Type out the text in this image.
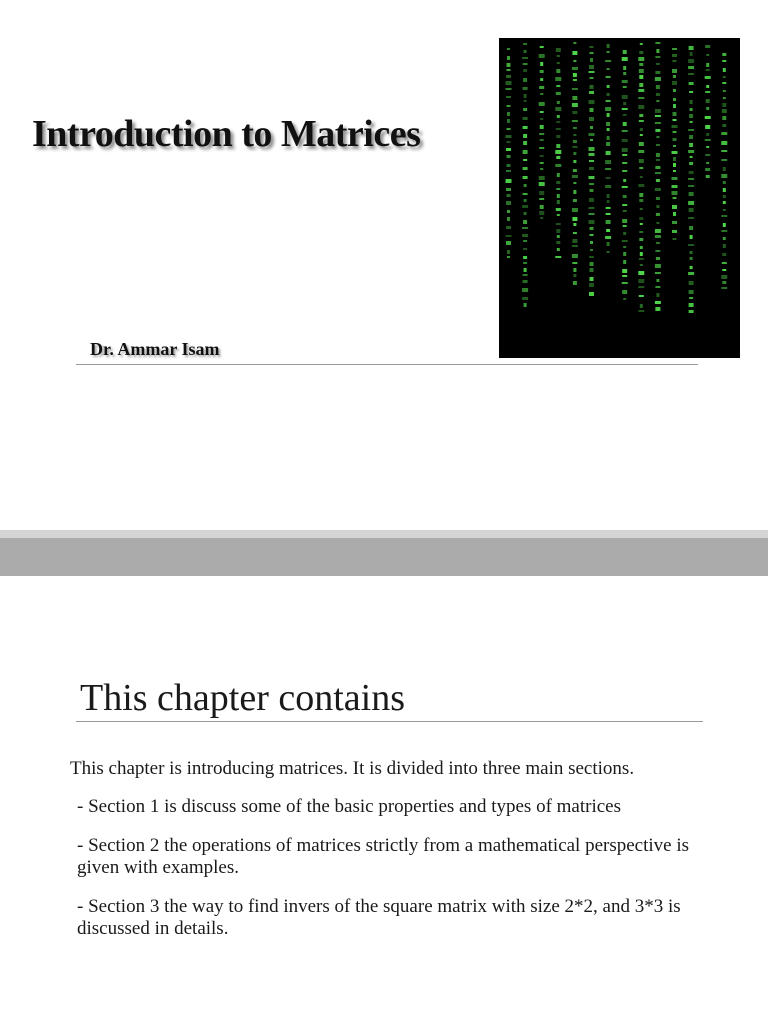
Introduction to Matrices
Dr. Ammar Isam
This chapter contains

This chapter is introducing matrices. It is divided into three main sections.

- Section 1 is discuss some of the basic properties and types of matrices

- Section 2 the operations of matrices strictly from a mathematical perspective is given with examples.

- Section 3 the way to find invers of the square matrix with size 2*2, and 3*3 is discussed in details.
